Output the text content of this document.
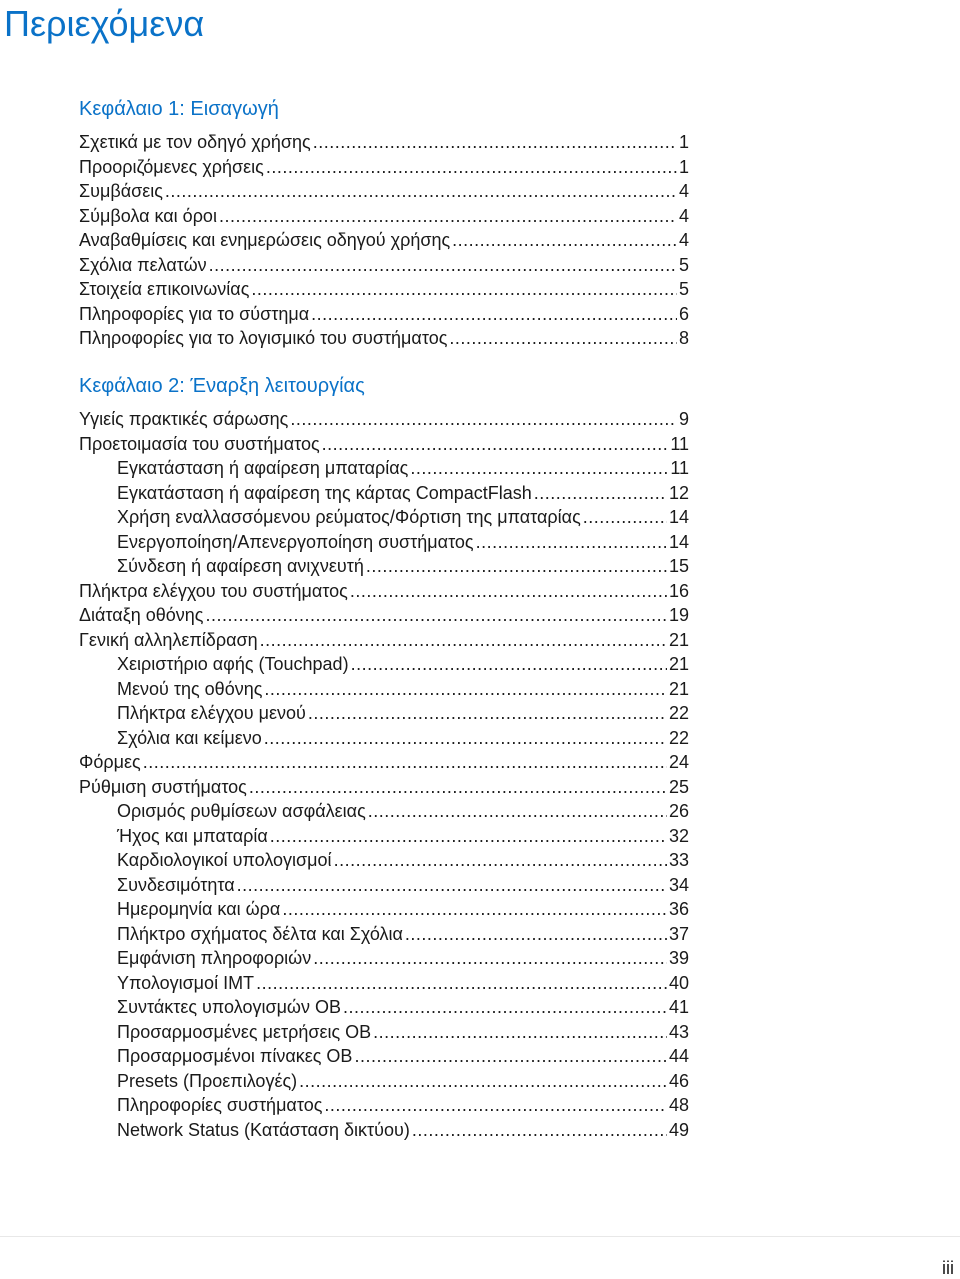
Περιεχόμενα
Κεφάλαιο 1: Εισαγωγή
Σχετικά με τον οδηγό χρήσης .....	1
Προοριζόμενες χρήσεις .....	1
Συμβάσεις .....	4
Σύμβολα και όροι .....	4
Αναβαθμίσεις και ενημερώσεις οδηγού χρήσης .....	4
Σχόλια πελατών .....	5
Στοιχεία επικοινωνίας .....	5
Πληροφορίες για το σύστημα .....	6
Πληροφορίες για το λογισμικό του συστήματος .....	8
Κεφάλαιο 2: Έναρξη λειτουργίας
Υγιείς πρακτικές σάρωσης .....	9
Προετοιμασία του συστήματος .....	11
Εγκατάσταση ή αφαίρεση μπαταρίας .....	11
Εγκατάσταση ή αφαίρεση της κάρτας CompactFlash .....	12
Χρήση εναλλασσόμενου ρεύματος/Φόρτιση της μπαταρίας .....	14
Ενεργοποίηση/Απενεργοποίηση συστήματος .....	14
Σύνδεση ή αφαίρεση ανιχνευτή .....	15
Πλήκτρα ελέγχου του συστήματος .....	16
Διάταξη οθόνης .....	19
Γενική αλληλεπίδραση .....	21
Χειριστήριο αφής (Touchpad) .....	21
Μενού της οθόνης .....	21
Πλήκτρα ελέγχου μενού .....	22
Σχόλια και κείμενο .....	22
Φόρμες .....	24
Ρύθμιση συστήματος .....	25
Ορισμός ρυθμίσεων ασφάλειας .....	26
Ήχος και μπαταρία .....	32
Καρδιολογικοί υπολογισμοί .....	33
Συνδεσιμότητα .....	34
Ημερομηνία και ώρα .....	36
Πλήκτρο σχήματος δέλτα και Σχόλια .....	37
Εμφάνιση πληροφοριών .....	39
Υπολογισμοί IMT .....	40
Συντάκτες υπολογισμών OB .....	41
Προσαρμοσμένες μετρήσεις OB .....	43
Προσαρμοσμένοι πίνακες OB .....	44
Presets (Προεπιλογές) .....	46
Πληροφορίες συστήματος .....	48
Network Status (Κατάσταση δικτύου) .....	49
iii
